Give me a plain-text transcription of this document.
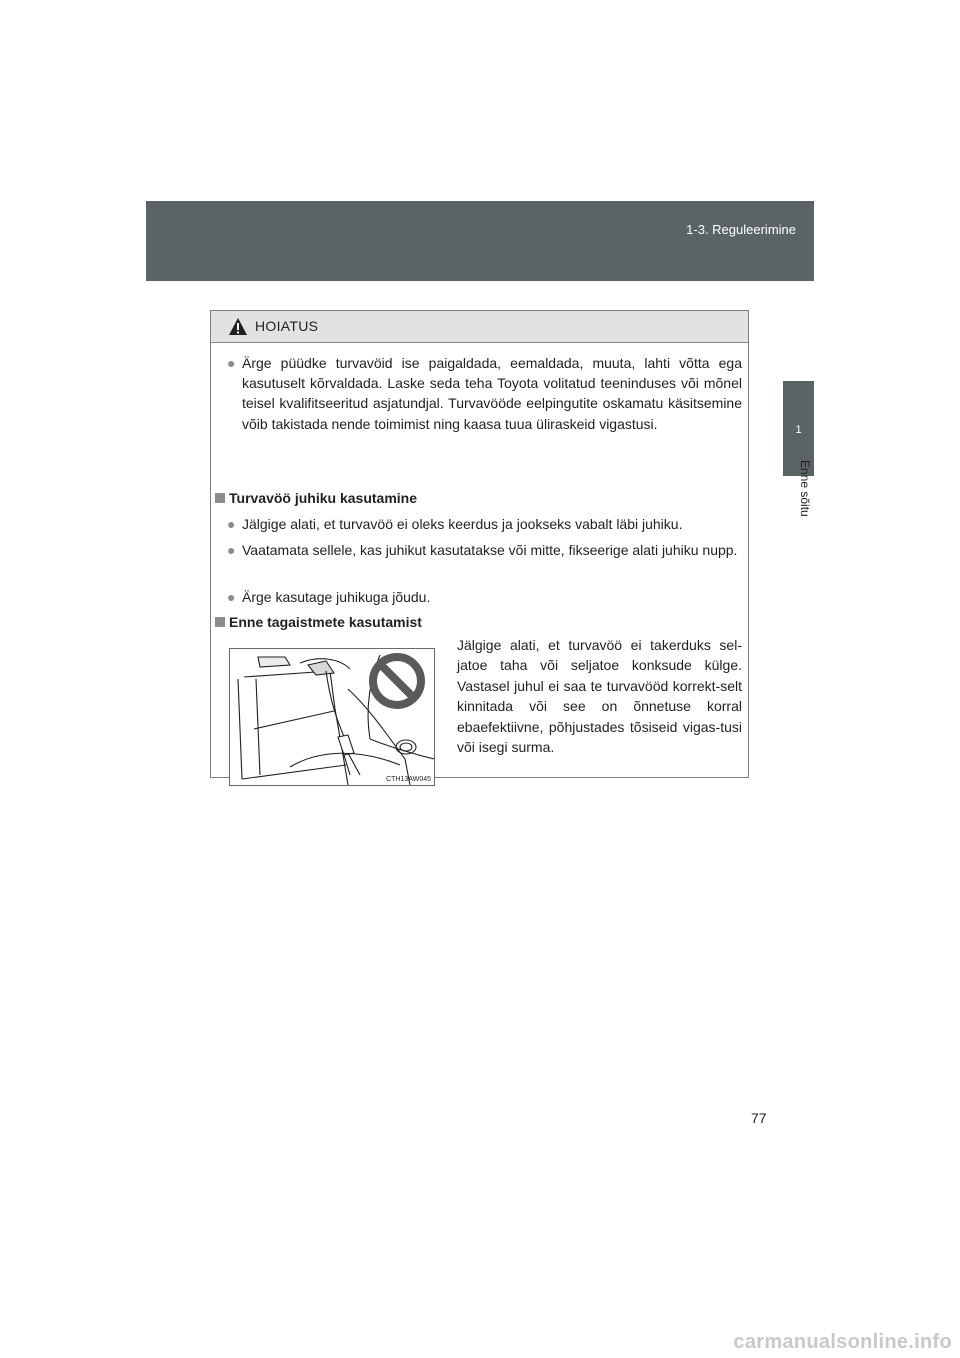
1-3. Reguleerimine
1
Enne sõitu
HOIATUS
● Ärge püüdke turvavöid ise paigaldada, eemaldada, muuta, lahti võtta ega kasutuselt kõrvaldada. Laske seda teha Toyota volitatud teeninduses või mõnel teisel kvalifitseeritud asjatundjal. Turvavööde eelpingutite oskamatu käsitsemine võib takistada nende toimimist ning kaasa tuua üliraskeid vigastusi.
Turvavöö juhiku kasutamine
● Jälgige alati, et turvavöö ei oleks keerdus ja jookseks vabalt läbi juhiku.
● Vaatamata sellele, kas juhikut kasutatakse või mitte, fikseerige alati juhiku nupp.
● Ärge kasutage juhikuga jõudu.
Enne tagaistmete kasutamist
CTH13AW045
Jälgige alati, et turvavöö ei takerduks sel-jatoe taha või seljatoe konksude külge. Vastasel juhul ei saa te turvavööd korrekt-selt kinnitada või see on õnnetuse korral ebaefektiivne, põhjustades tõsiseid vigas-tusi või isegi surma.
77
carmanualsonline.info
